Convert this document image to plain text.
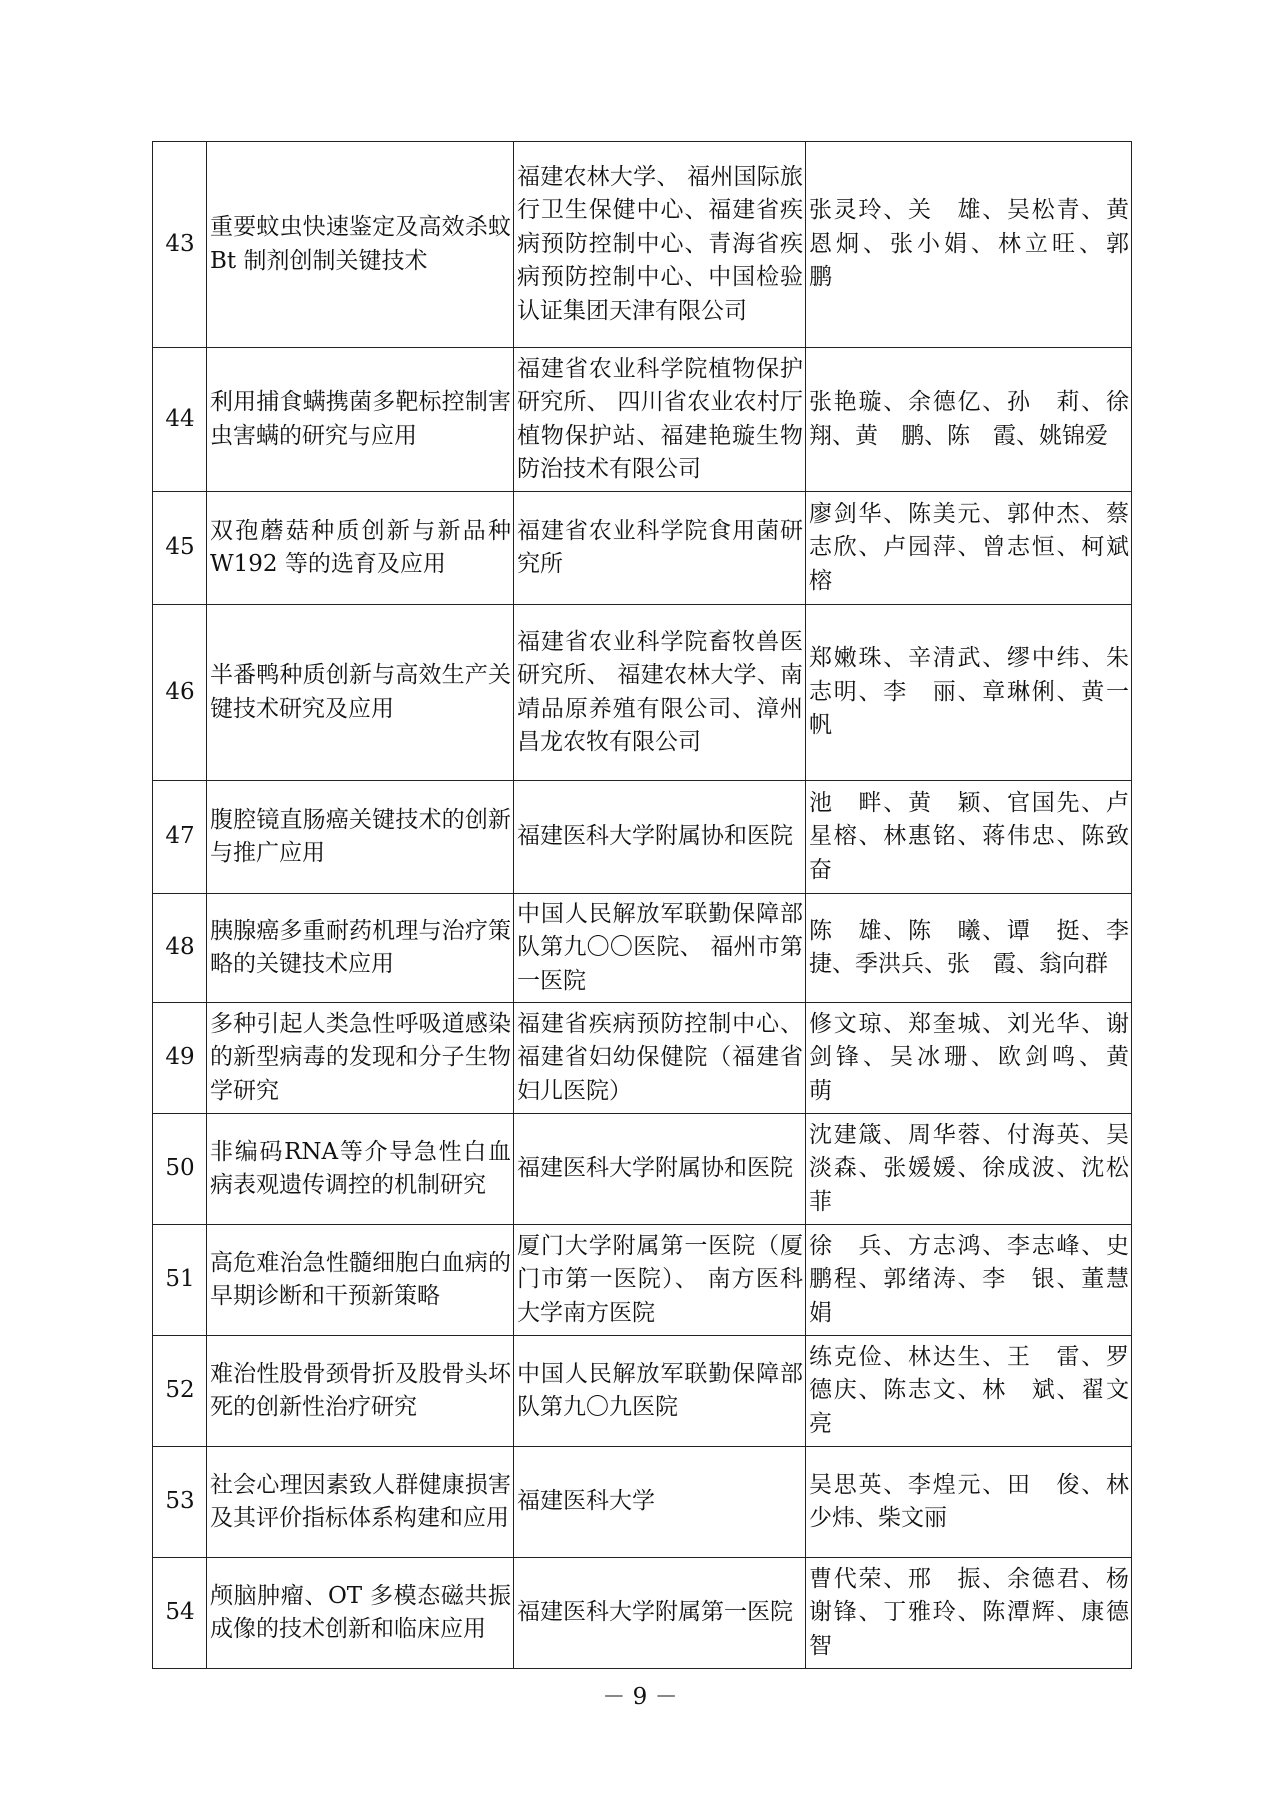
43	重要蚊虫快速鉴定及高效杀蚊 Bt 制剂创制关键技术	福建农林大学、 福州国际旅行卫生保健中心、福建省疾病预防控制中心、青海省疾病预防控制中心、中国检验认证集团天津有限公司	张灵玲、关　雄、吴松青、黄恩炯、张小娟、林立旺、郭　鹏

44	利用捕食螨携菌多靶标控制害虫害螨的研究与应用	福建省农业科学院植物保护研究所、 四川省农业农村厅植物保护站、福建艳璇生物防治技术有限公司	张艳璇、余德亿、孙　莉、徐　翔、黄　鹏、陈　霞、姚锦爱

45	双孢蘑菇种质创新与新品种 W192 等的选育及应用	福建省农业科学院食用菌研究所	廖剑华、陈美元、郭仲杰、蔡志欣、卢园萍、曾志恒、柯斌榕

46	半番鸭种质创新与高效生产关键技术研究及应用	福建省农业科学院畜牧兽医研究所、 福建农林大学、南靖品原养殖有限公司、漳州昌龙农牧有限公司	郑嫩珠、辛清武、缪中纬、朱志明、李　丽、章琳俐、黄一帆

47	腹腔镜直肠癌关键技术的创新与推广应用	福建医科大学附属协和医院	池　畔、黄　颖、官国先、卢星榕、林惠铭、蒋伟忠、陈致奋

48	胰腺癌多重耐药机理与治疗策略的关键技术应用	中国人民解放军联勤保障部队第九〇〇医院、 福州市第一医院	陈　雄、陈　曦、谭　挺、李　捷、季洪兵、张　霞、翁向群

49	多种引起人类急性呼吸道感染的新型病毒的发现和分子生物学研究	福建省疾病预防控制中心、 福建省妇幼保健院（福建省妇儿医院）	修文琼、郑奎城、刘光华、谢剑锋、吴冰珊、欧剑鸣、黄　萌

50	非编码RNA等介导急性白血病表观遗传调控的机制研究	福建医科大学附属协和医院	沈建箴、周华蓉、付海英、吴淡森、张媛媛、徐成波、沈松菲

51	高危难治急性髓细胞白血病的早期诊断和干预新策略	厦门大学附属第一医院（厦门市第一医院）、 南方医科大学南方医院	徐　兵、方志鸿、李志峰、史鹏程、郭绪涛、李　银、董慧娟

52	难治性股骨颈骨折及股骨头坏死的创新性治疗研究	中国人民解放军联勤保障部队第九〇九医院	练克俭、林达生、王　雷、罗德庆、陈志文、林　斌、翟文亮

53	社会心理因素致人群健康损害及其评价指标体系构建和应用	福建医科大学	吴思英、李煌元、田　俊、林少炜、柴文丽

54	颅脑肿瘤、OT 多模态磁共振成像的技术创新和临床应用	福建医科大学附属第一医院	曹代荣、邢　振、余德君、杨谢锋、丁雅玲、陈潭辉、康德智
－ 9 －
